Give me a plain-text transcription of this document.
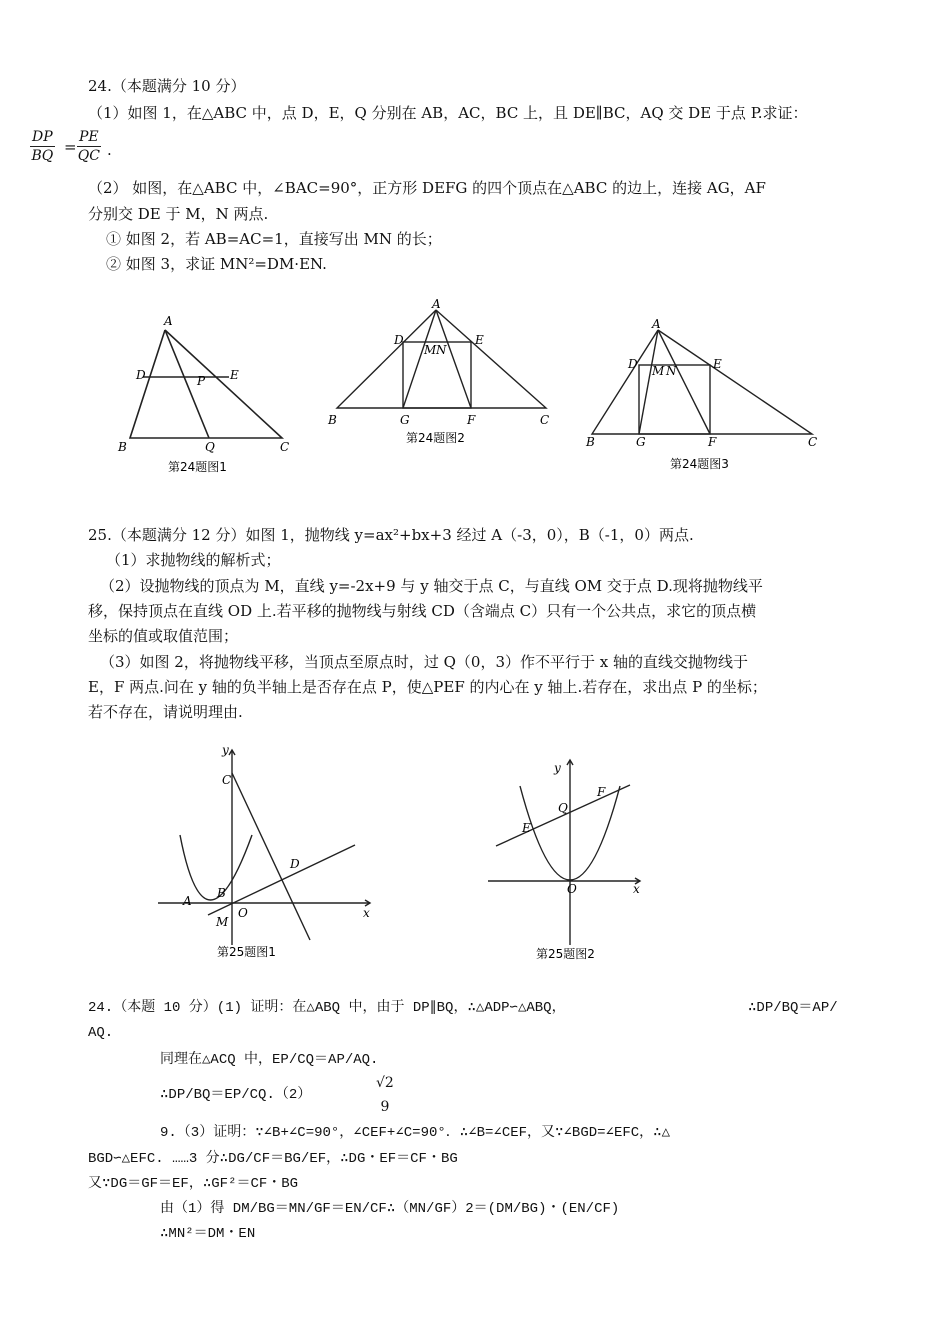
24.（本题满分 10 分）
（1）如图 1，在△ABC 中，点 D，E，Q 分别在 AB，AC，BC 上，且 DE∥BC，AQ 交 DE 于点 P.求证：
$\frac{DP}{BQ} = \frac{PE}{QC}$ .
（2） 如图，在△ABC 中，∠BAC=90°，正方形 DEFG 的四个顶点在△ABC 的边上，连接 AG，AF
分别交 DE 于 M，N 两点.
① 如图 2，若 AB=AC=1，直接写出 MN 的长；
② 如图 3，求证 MN²=DM·EN.
A
D	P E
B	Q	C
第24题图1
A
D
M N
E
B	G	F	C
第24题图2
A
D M N	E
B	G	F	C
第24题图3
25.（本题满分 12 分）如图 1，抛物线 y=ax²+bx+3 经过 A（-3，0），B（-1，0）两点.
（1）求抛物线的解析式；
（2）设抛物线的顶点为 M，直线 y=-2x+9 与 y 轴交于点 C，与直线 OM 交于点 D.现将抛物线平
移，保持顶点在直线 OD 上.若平移的抛物线与射线 CD（含端点 C）只有一个公共点，求它的顶点横
坐标的值或取值范围；
（3）如图 2，将抛物线平移，当顶点至原点时，过 Q（0，3）作不平行于 x 轴的直线交抛物线于
E，F 两点.问在 y 轴的负半轴上是否存在点 P，使△PEF 的内心在 y 轴上.若存在，求出点 P 的坐标；
若不存在，请说明理由.
y
C
D
A
B
O
M
x
第25题图1
y
F
Q
E
O	x
第25题图2
24.（本题 10 分）(1) 证明：在△ABQ 中，由于 DP∥BQ，∴△ADP∽△ABQ，	∴DP/BQ＝AP/
AQ.
同理在△ACQ 中，EP/CQ＝AP/AQ.
∴DP/BQ＝EP/CQ.（2）
√2
9
9.（3）证明：∵∠B+∠C=90°，∠CEF+∠C=90°．∴∠B=∠CEF，又∵∠BGD=∠EFC，∴△
BGD∽△EFC. ……3 分∴DG/CF＝BG/EF，∴DG・EF＝CF・BG
又∵DG＝GF＝EF，∴GF²＝CF・BG
由（1）得 DM/BG＝MN/GF＝EN/CF∴（MN/GF）2＝(DM/BG)・(EN/CF)
∴MN²＝DM・EN
